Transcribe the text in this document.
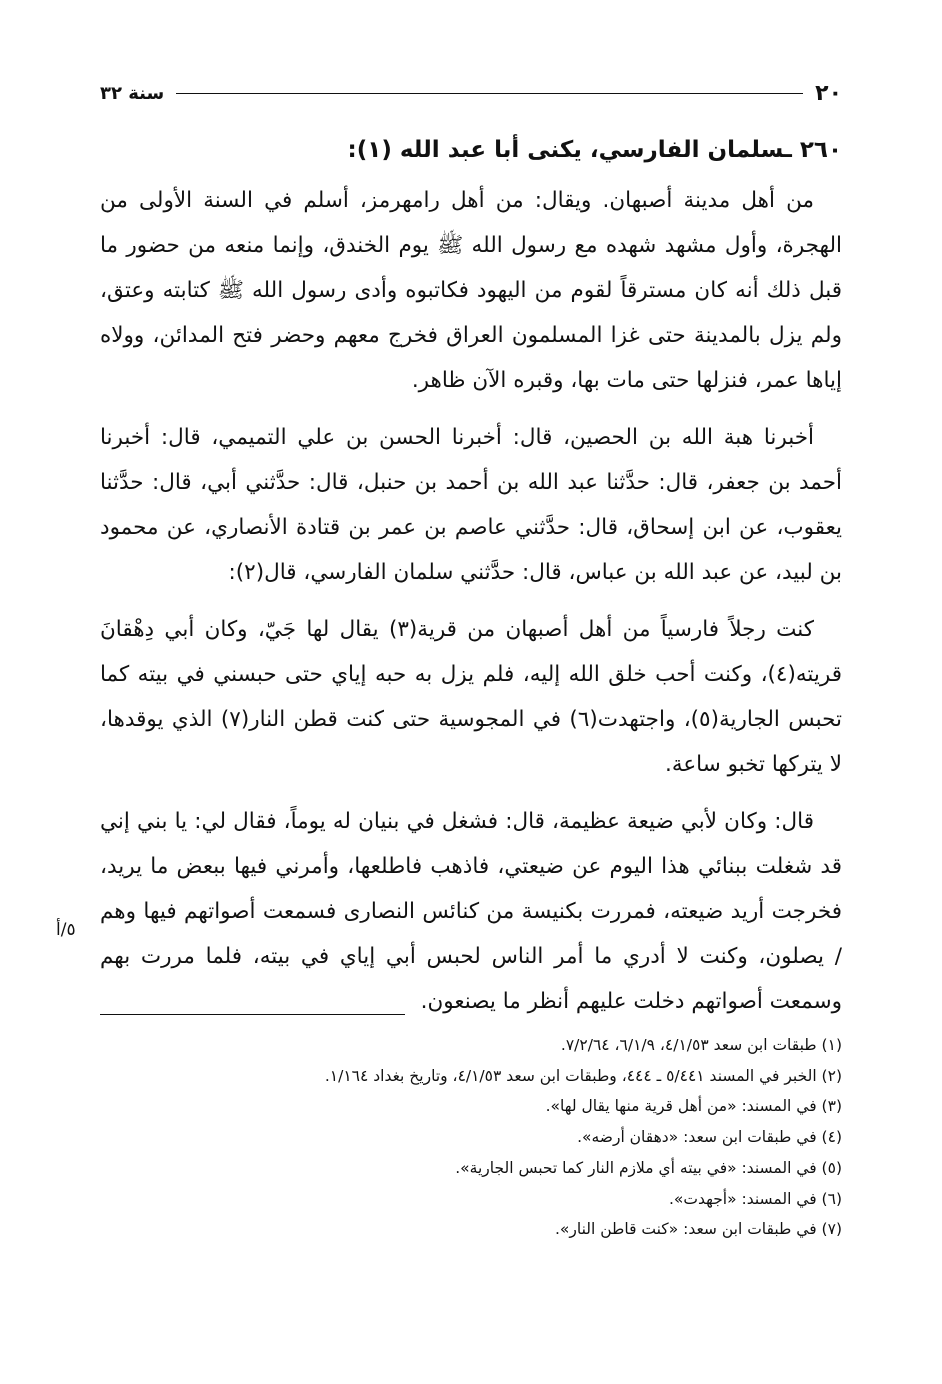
٢٠
سنة ٣٢
٢٦٠ ـسلمان الفارسي، يكنى أبا عبد الله (١):

من أهل مدينة أصبهان. ويقال: من أهل رامهرمز، أسلم في السنة الأولى من الهجرة، وأول مشهد شهده مع رسول الله ﷺ يوم الخندق، وإنما منعه من حضور ما قبل ذلك أنه كان مسترقاً لقوم من اليهود فكاتبوه وأدى رسول الله ﷺ كتابته وعتق، ولم يزل بالمدينة حتى غزا المسلمون العراق فخرج معهم وحضر فتح المدائن، وولاه إياها عمر، فنزلها حتى مات بها، وقبره الآن ظاهر.

أخبرنا هبة الله بن الحصين، قال: أخبرنا الحسن بن علي التميمي، قال: أخبرنا أحمد بن جعفر، قال: حدَّثنا عبد الله بن أحمد بن حنبل، قال: حدَّثني أبي، قال: حدَّثنا يعقوب، عن ابن إسحاق، قال: حدَّثني عاصم بن عمر بن قتادة الأنصاري، عن محمود بن لبيد، عن عبد الله بن عباس، قال: حدَّثني سلمان الفارسي، قال(٢):

كنت رجلاً فارسياً من أهل أصبهان من قرية(٣) يقال لها جَيّ، وكان أبي دِهْقانَ قريته(٤)، وكنت أحب خلق الله إليه، فلم يزل به حبه إياي حتى حبسني في بيته كما تحبس الجارية(٥)، واجتهدت(٦) في المجوسية حتى كنت قطن النار(٧) الذي يوقدها، لا يتركها تخبو ساعة.

قال: وكان لأبي ضيعة عظيمة، قال: فشغل في بنيان له يوماً، فقال لي: يا بني إني قد شغلت ببنائي هذا اليوم عن ضيعتي، فاذهب فاطلعها، وأمرني فيها ببعض ما يريد، فخرجت أريد ضيعته، فمررت بكنيسة من كنائس النصارى فسمعت أصواتهم فيها وهم / يصلون، وكنت لا أدري ما أمر الناس لحبس أبي إياي في بيته، فلما مررت بهم وسمعت أصواتهم دخلت عليهم أنظر ما يصنعون.

٥/أ
(١) طبقات ابن سعد ٤/١/٥٣، ٦/١/٩، ٧/٢/٦٤.
(٢) الخبر في المسند ٥/٤٤١ ـ ٤٤٤، وطبقات ابن سعد ٤/١/٥٣، وتاريخ بغداد ١/١٦٤.
(٣) في المسند: «من أهل قرية منها يقال لها».
(٤) في طبقات ابن سعد: «دهقان أرضه».
(٥) في المسند: «في بيته أي ملازم النار كما تحبس الجارية».
(٦) في المسند: «أجهدت».
(٧) في طبقات ابن سعد: «كنت قاطن النار».
